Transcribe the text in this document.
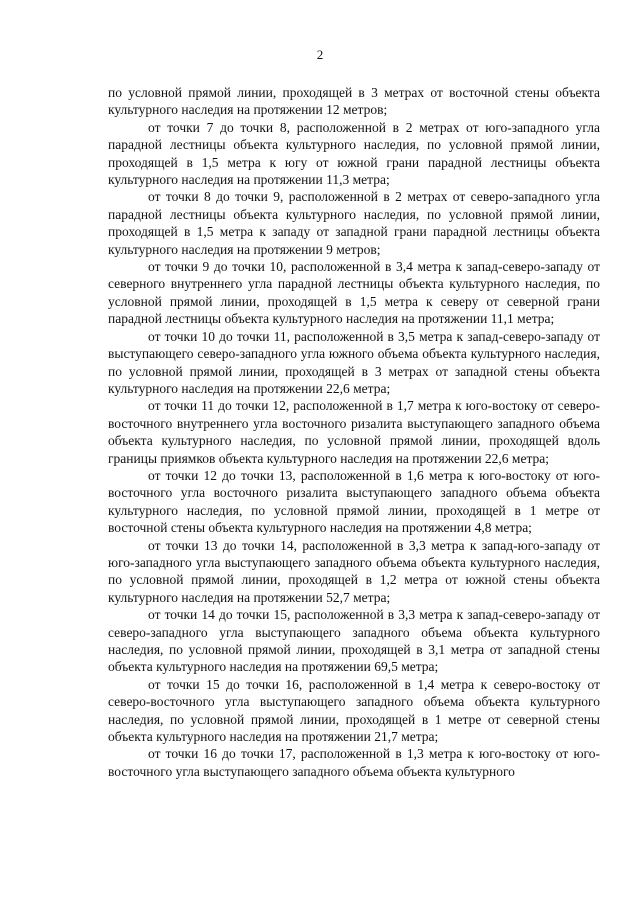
2

по условной прямой линии, проходящей в 3 метрах от восточной стены объекта культурного наследия на протяжении 12 метров;

от точки 7 до точки 8, расположенной в 2 метрах от юго-западного угла парадной лестницы объекта культурного наследия, по условной прямой линии, проходящей в 1,5 метра к югу от южной грани парадной лестницы объекта культурного наследия на протяжении 11,3 метра;

от точки 8 до точки 9, расположенной в 2 метрах от северо-западного угла парадной лестницы объекта культурного наследия, по условной прямой линии, проходящей в 1,5 метра к западу от западной грани парадной лестницы объекта культурного наследия на протяжении 9 метров;

от точки 9 до точки 10, расположенной в 3,4 метра к запад-северо-западу от северного внутреннего угла парадной лестницы объекта культурного наследия, по условной прямой линии, проходящей в 1,5 метра к северу от северной грани парадной лестницы объекта культурного наследия на протяжении 11,1 метра;

от точки 10 до точки 11, расположенной в 3,5 метра к запад-северо-западу от выступающего северо-западного угла южного объема объекта культурного наследия, по условной прямой линии, проходящей в 3 метрах от западной стены объекта культурного наследия на протяжении 22,6 метра;

от точки 11 до точки 12, расположенной в 1,7 метра к юго-востоку от северо-восточного внутреннего угла восточного ризалита выступающего западного объема объекта культурного наследия, по условной прямой линии, проходящей вдоль границы приямков объекта культурного наследия на протяжении 22,6 метра;

от точки 12 до точки 13, расположенной в 1,6 метра к юго-востоку от юго-восточного угла восточного ризалита выступающего западного объема объекта культурного наследия, по условной прямой линии, проходящей в 1 метре от восточной стены объекта культурного наследия на протяжении 4,8 метра;

от точки 13 до точки 14, расположенной в 3,3 метра к запад-юго-западу от юго-западного угла выступающего западного объема объекта культурного наследия, по условной прямой линии, проходящей в 1,2 метра от южной стены объекта культурного наследия на протяжении 52,7 метра;

от точки 14 до точки 15, расположенной в 3,3 метра к запад-северо-западу от северо-западного угла выступающего западного объема объекта культурного наследия, по условной прямой линии, проходящей в 3,1 метра от западной стены объекта культурного наследия на протяжении 69,5 метра;

от точки 15 до точки 16, расположенной в 1,4 метра к северо-востоку от северо-восточного угла выступающего западного объема объекта культурного наследия, по условной прямой линии, проходящей в 1 метре от северной стены объекта культурного наследия на протяжении 21,7 метра;

от точки 16 до точки 17, расположенной в 1,3 метра к юго-востоку от юго-восточного угла выступающего западного объема объекта культурного
